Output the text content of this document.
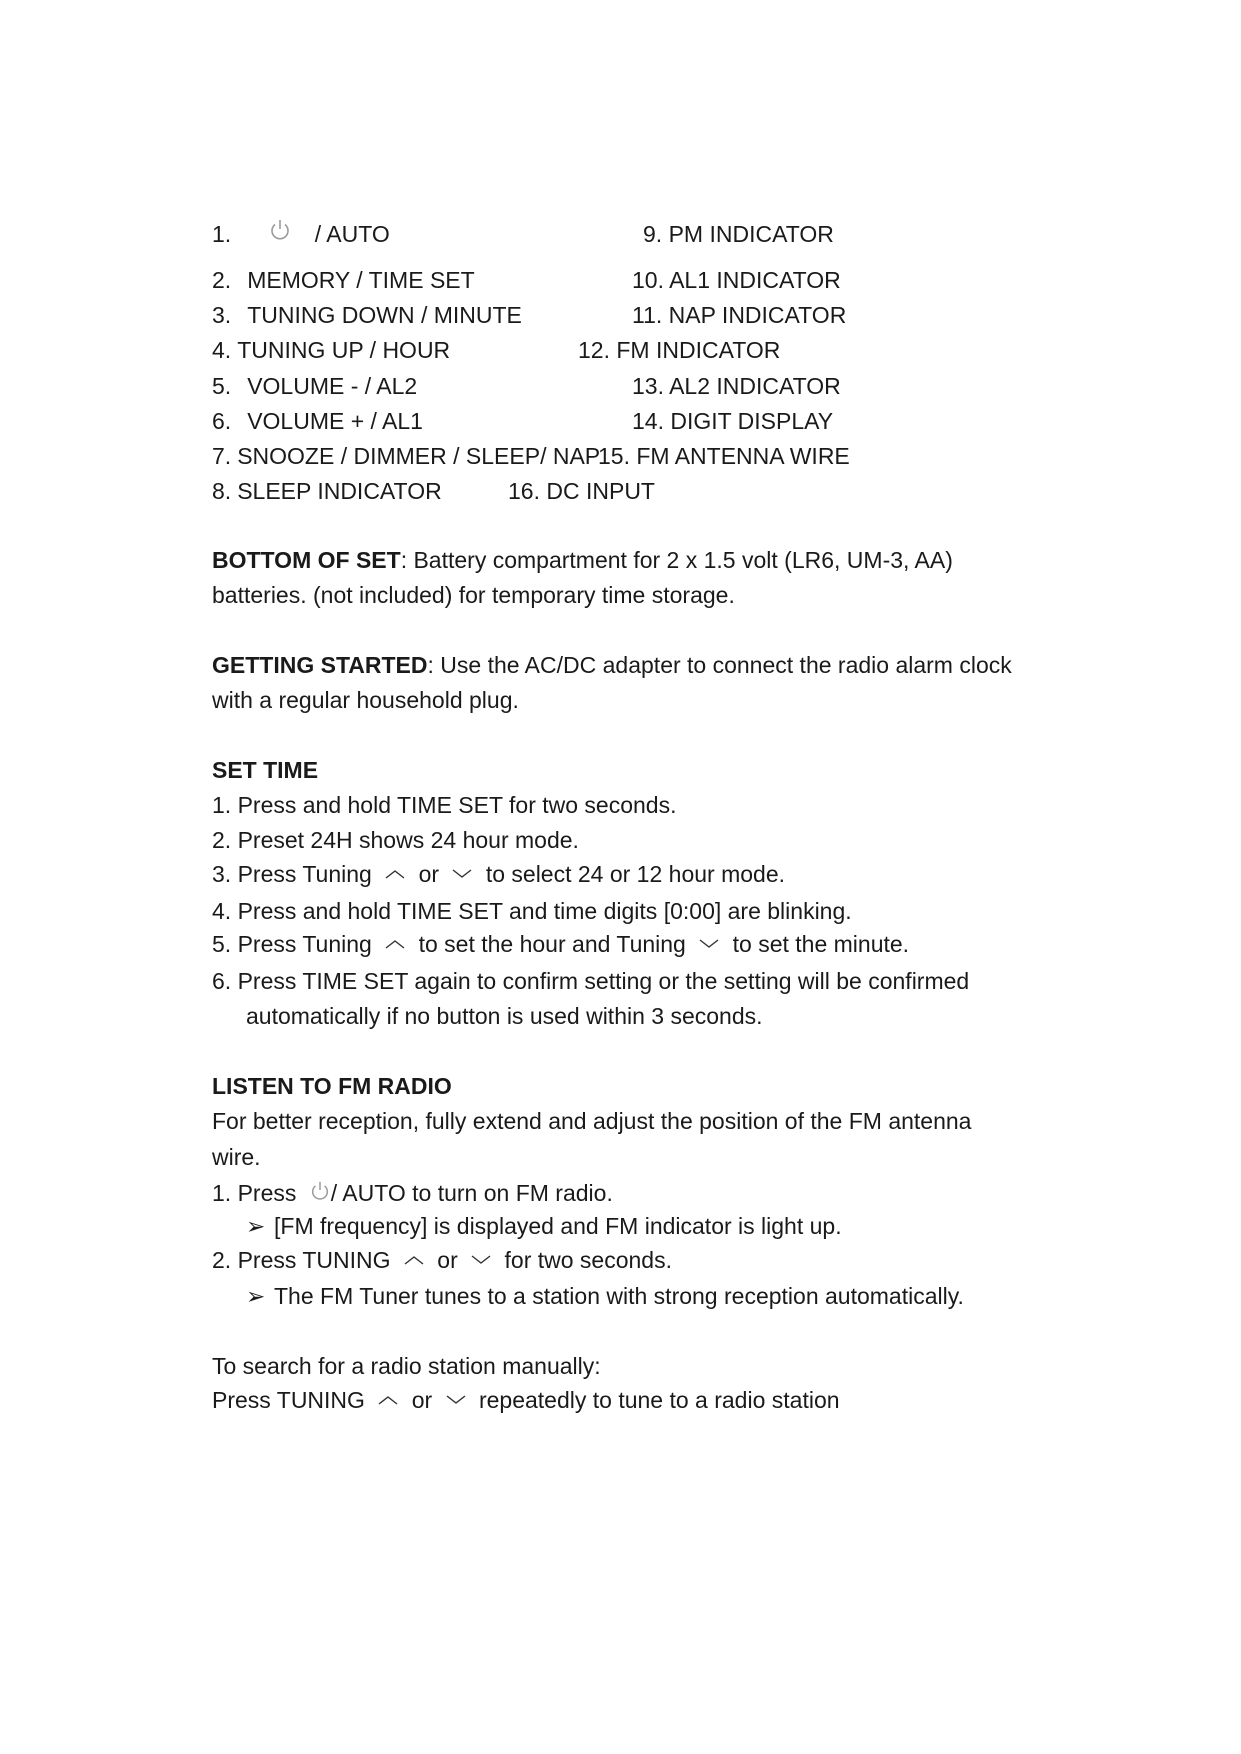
1.	/ AUTO
2. MEMORY / TIME SET
3. TUNING DOWN / MINUTE
4. TUNING UP / HOUR
5. VOLUME - / AL2
6. VOLUME + / AL1
7. SNOOZE / DIMMER / SLEEP/ NAP
8. SLEEP INDICATOR
9. PM INDICATOR
10. AL1 INDICATOR
11. NAP INDICATOR
12. FM INDICATOR
13. AL2 INDICATOR
14. DIGIT DISPLAY
15. FM ANTENNA WIRE
16. DC INPUT
BOTTOM OF SET: Battery compartment for 2 x 1.5 volt (LR6, UM-3, AA)
batteries. (not included) for temporary time storage.
GETTING STARTED: Use the AC/DC adapter to connect the radio alarm clock
with a regular household plug.
SET TIME
1. Press and hold TIME SET for two seconds.
2. Preset 24H shows 24 hour mode.
3. Press Tuning or to select 24 or 12 hour mode.
4. Press and hold TIME SET and time digits [0:00] are blinking.
5. Press Tuning to set the hour and Tuning to set the minute.
6. Press TIME SET again to confirm setting or the setting will be confirmed
automatically if no button is used within 3 seconds.
LISTEN TO FM RADIO
For better reception, fully extend and adjust the position of the FM antenna
wire.
1. Press / AUTO to turn on FM radio.
➢ [FM frequency] is displayed and FM indicator is light up.
2. Press TUNING or for two seconds.
➢ The FM Tuner tunes to a station with strong reception automatically.
To search for a radio station manually:
Press TUNING or repeatedly to tune to a radio station
